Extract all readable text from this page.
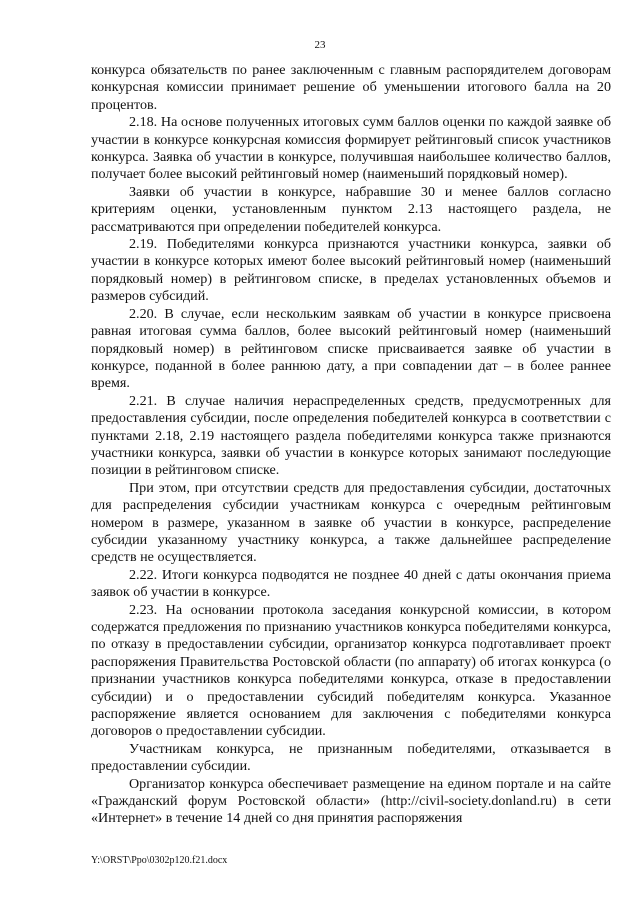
23

конкурса обязательств по ранее заключенным с главным распорядителем договорам конкурсная комиссии принимает решение об уменьшении итогового балла на 20 процентов.

2.18. На основе полученных итоговых сумм баллов оценки по каждой заявке об участии в конкурсе конкурсная комиссия формирует рейтинговый список участников конкурса. Заявка об участии в конкурсе, получившая наибольшее количество баллов, получает более высокий рейтинговый номер (наименьший порядковый номер).

Заявки об участии в конкурсе, набравшие 30 и менее баллов согласно критериям оценки, установленным пунктом 2.13 настоящего раздела, не рассматриваются при определении победителей конкурса.

2.19. Победителями конкурса признаются участники конкурса, заявки об участии в конкурсе которых имеют более высокий рейтинговый номер (наименьший порядковый номер) в рейтинговом списке, в пределах установленных объемов и размеров субсидий.

2.20. В случае, если нескольким заявкам об участии в конкурсе присвоена равная итоговая сумма баллов, более высокий рейтинговый номер (наименьший порядковый номер) в рейтинговом списке присваивается заявке об участии в конкурсе, поданной в более раннюю дату, а при совпадении дат – в более раннее время.

2.21. В случае наличия нераспределенных средств, предусмотренных для предоставления субсидии, после определения победителей конкурса в соответствии с пунктами 2.18, 2.19 настоящего раздела победителями конкурса также признаются участники конкурса, заявки об участии в конкурсе которых занимают последующие позиции в рейтинговом списке.

При этом, при отсутствии средств для предоставления субсидии, достаточных для распределения субсидии участникам конкурса с очередным рейтинговым номером в размере, указанном в заявке об участии в конкурсе, распределение субсидии указанному участнику конкурса, а также дальнейшее распределение средств не осуществляется.

2.22. Итоги конкурса подводятся не позднее 40 дней с даты окончания приема заявок об участии в конкурсе.

2.23. На основании протокола заседания конкурсной комиссии, в котором содержатся предложения по признанию участников конкурса победителями конкурса, по отказу в предоставлении субсидии, организатор конкурса подготавливает проект распоряжения Правительства Ростовской области (по аппарату) об итогах конкурса (о признании участников конкурса победителями конкурса, отказе в предоставлении субсидии) и о предоставлении субсидий победителям конкурса. Указанное распоряжение является основанием для заключения с победителями конкурса договоров о предоставлении субсидии.

Участникам конкурса, не признанным победителями, отказывается в предоставлении субсидии.

Организатор конкурса обеспечивает размещение на едином портале и на сайте «Гражданский форум Ростовской области» (http://civil-society.donland.ru) в сети «Интернет» в течение 14 дней со дня принятия распоряжения

Y:\ORST\Ppo\0302p120.f21.docx
